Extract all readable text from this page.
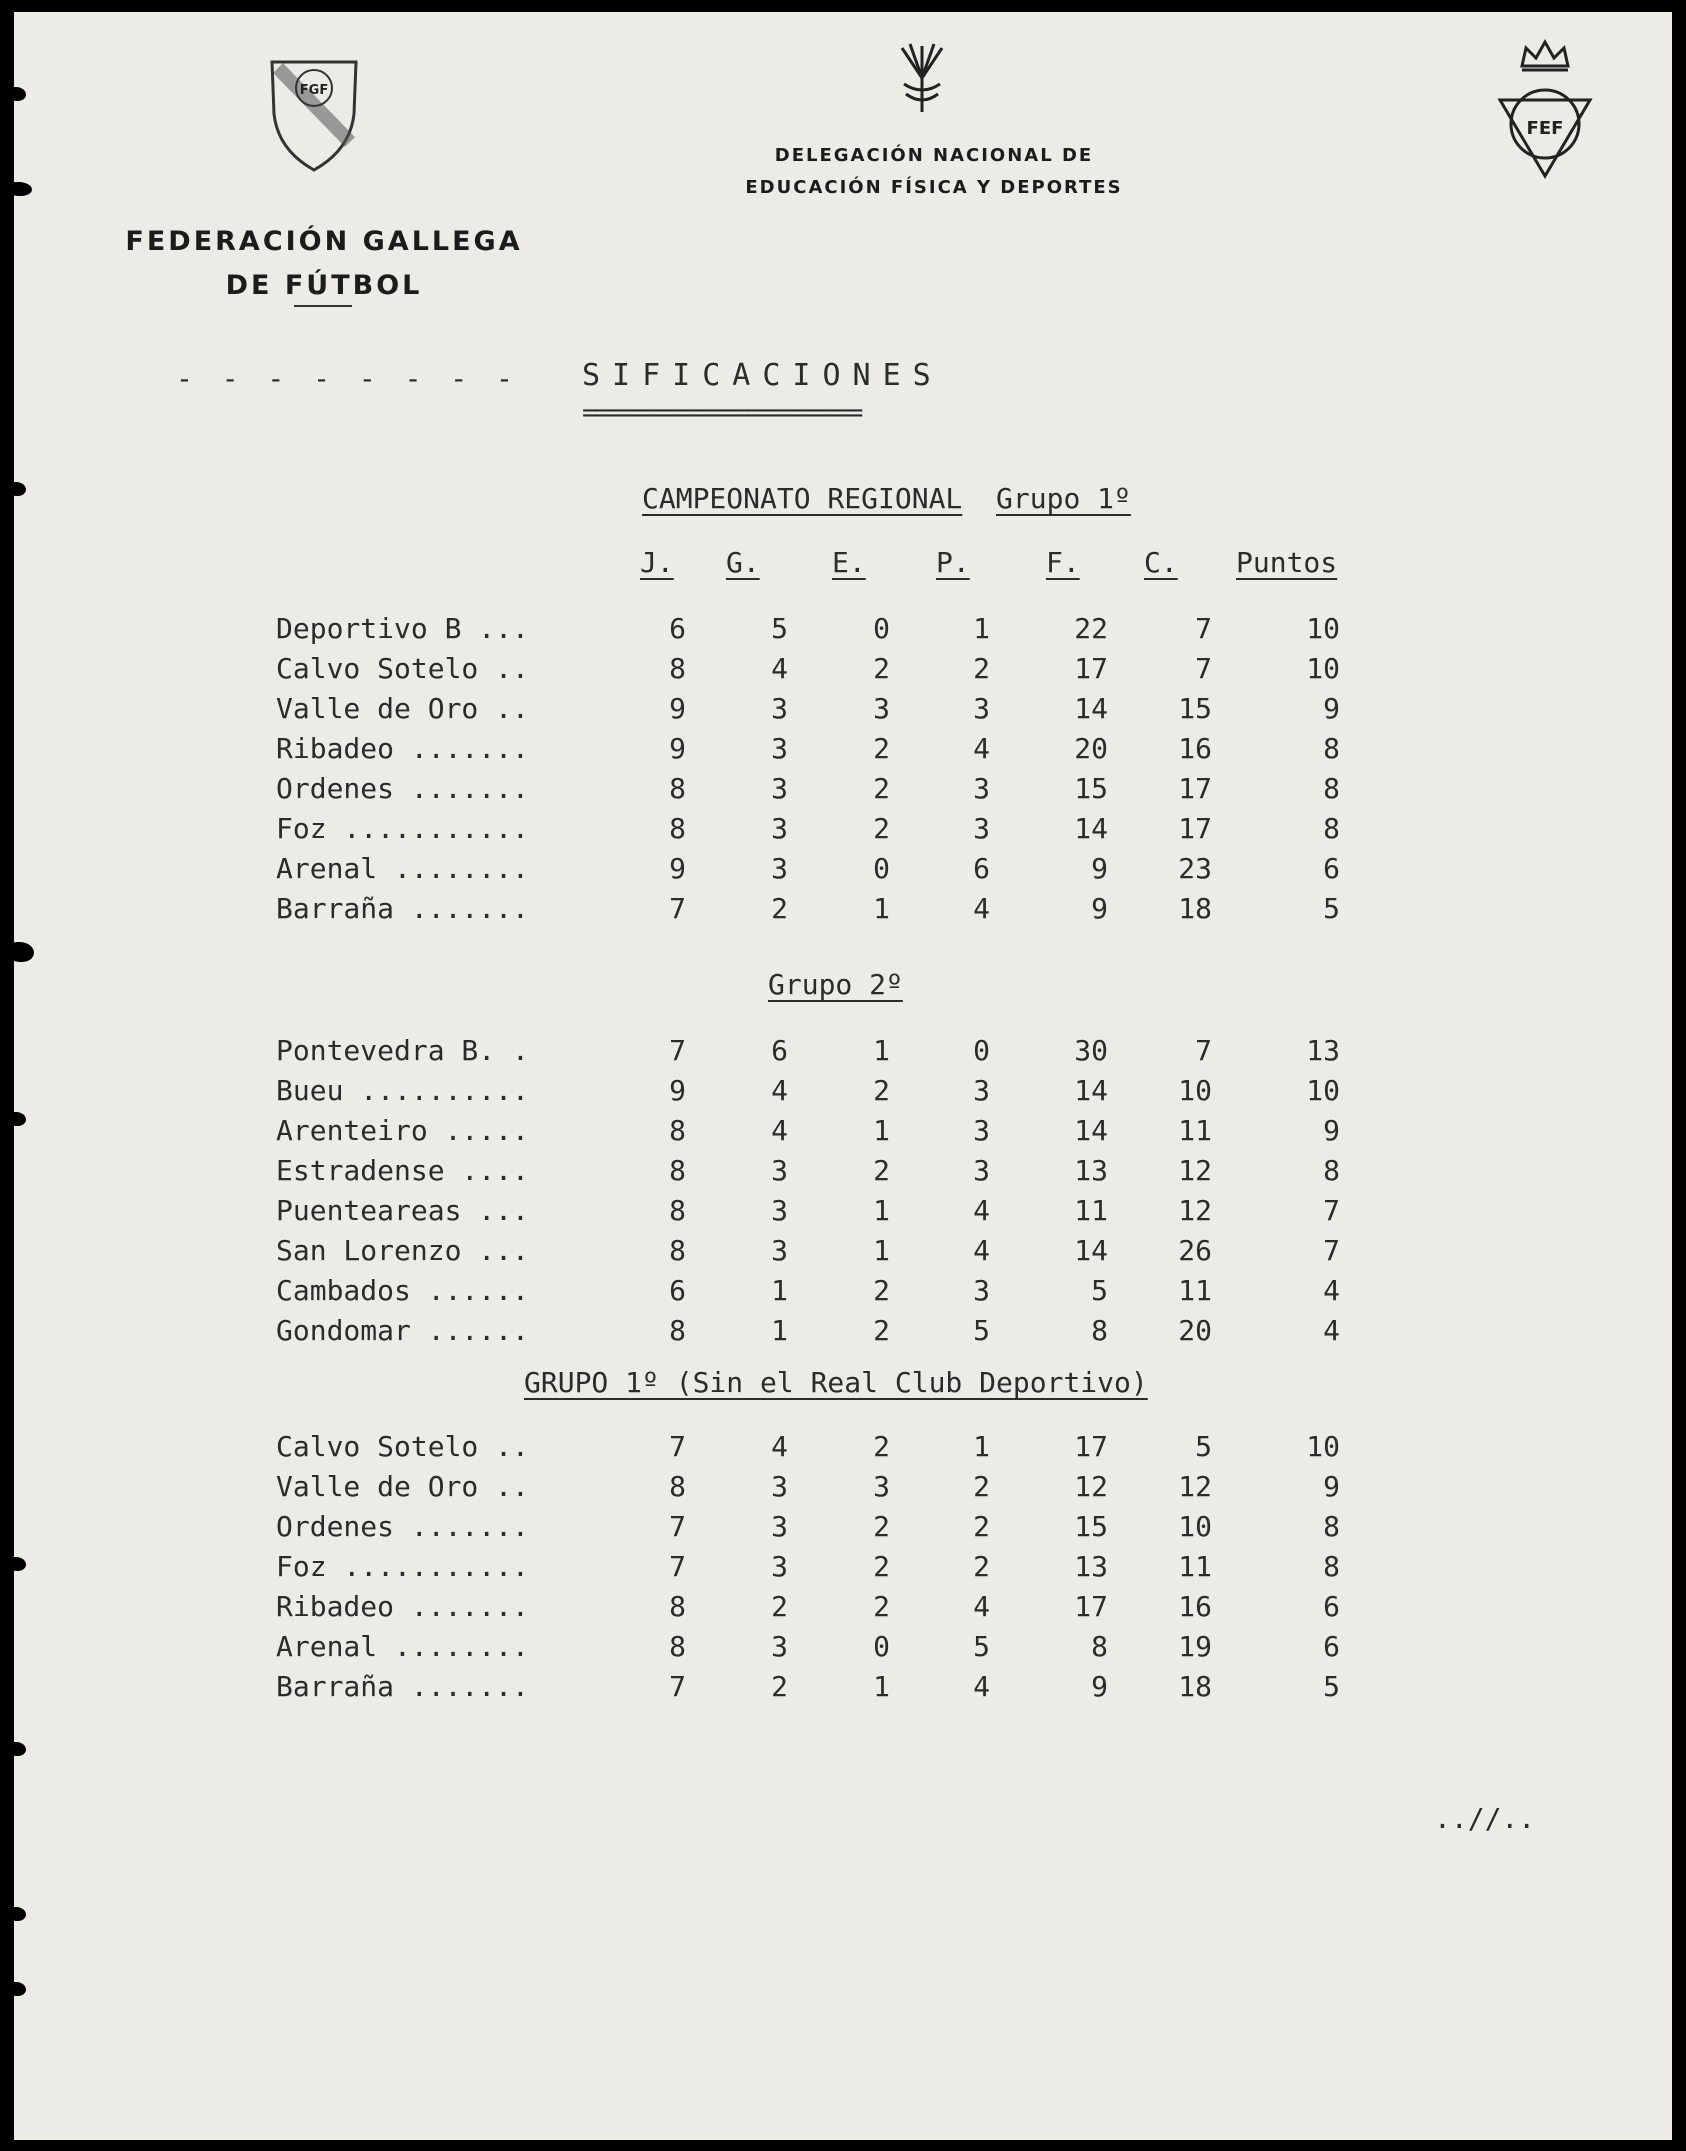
FGF
FEDERACIÓN GALLEGA
DE FÚTBOL
DELEGACIÓN NACIONAL DE
EDUCACIÓN FÍSICA Y DEPORTES
FEF
- - - - - - - - SIFICACIONES
======================
CAMPEONATO REGIONAL Grupo 1º
J. G.	E.	P.	F. C. Puntos
Deportivo B ...	6	5	0	1	22	7	10
Calvo Sotelo ..	8	4	2	2	17	7	10
Valle de Oro ..	9	3	3	3	14	15	9
Ribadeo .......	9	3	2	4	20	16	8
Ordenes .......	8	3	2	3	15	17	8
Foz ...........	8	3	2	3	14	17	8
Arenal ........	9	3	0	6	9	23	6
Barraña .......	7	2	1	4	9	18	5
Grupo 2º
Pontevedra B. .	7	6	1	0	30	7	13
Bueu ..........	9	4	2	3	14	10	10
Arenteiro .....	8	4	1	3	14	11	9
Estradense ....	8	3	2	3	13	12	8
Puenteareas ...	8	3	1	4	11	12	7
San Lorenzo ...	8	3	1	4	14	26	7
Cambados ......	6	1	2	3	5	11	4
Gondomar ......	8	1	2	5	8	20	4
GRUPO 1º (Sin el Real Club Deportivo)
Calvo Sotelo ..	7	4	2	1	17	5	10
Valle de Oro ..	8	3	3	2	12	12	9
Ordenes .......	7	3	2	2	15	10	8
Foz ...........	7	3	2	2	13	11	8
Ribadeo .......	8	2	2	4	17	16	6
Arenal ........	8	3	0	5	8	19	6
Barraña .......	7	2	1	4	9	18	5
..//..
